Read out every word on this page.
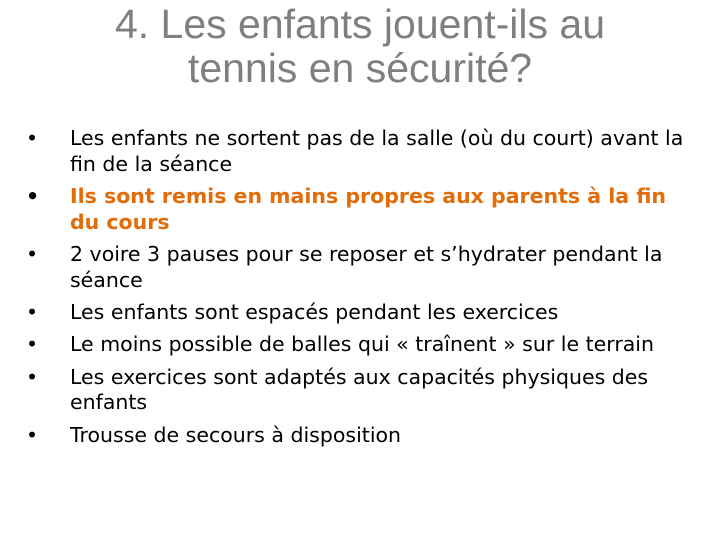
4. Les enfants jouent-ils au
tennis en sécurité?
•	Les enfants ne sortent pas de la salle (où du court) avant la fin de la séance
•	Ils sont remis en mains propres aux parents à la fin du cours
•	2 voire 3 pauses pour se reposer et s’hydrater pendant la séance
•	Les enfants sont espacés pendant les exercices
•	Le moins possible de balles qui « traînent » sur le terrain
•	Les exercices sont adaptés aux capacités physiques des enfants
•	Trousse de secours à disposition
